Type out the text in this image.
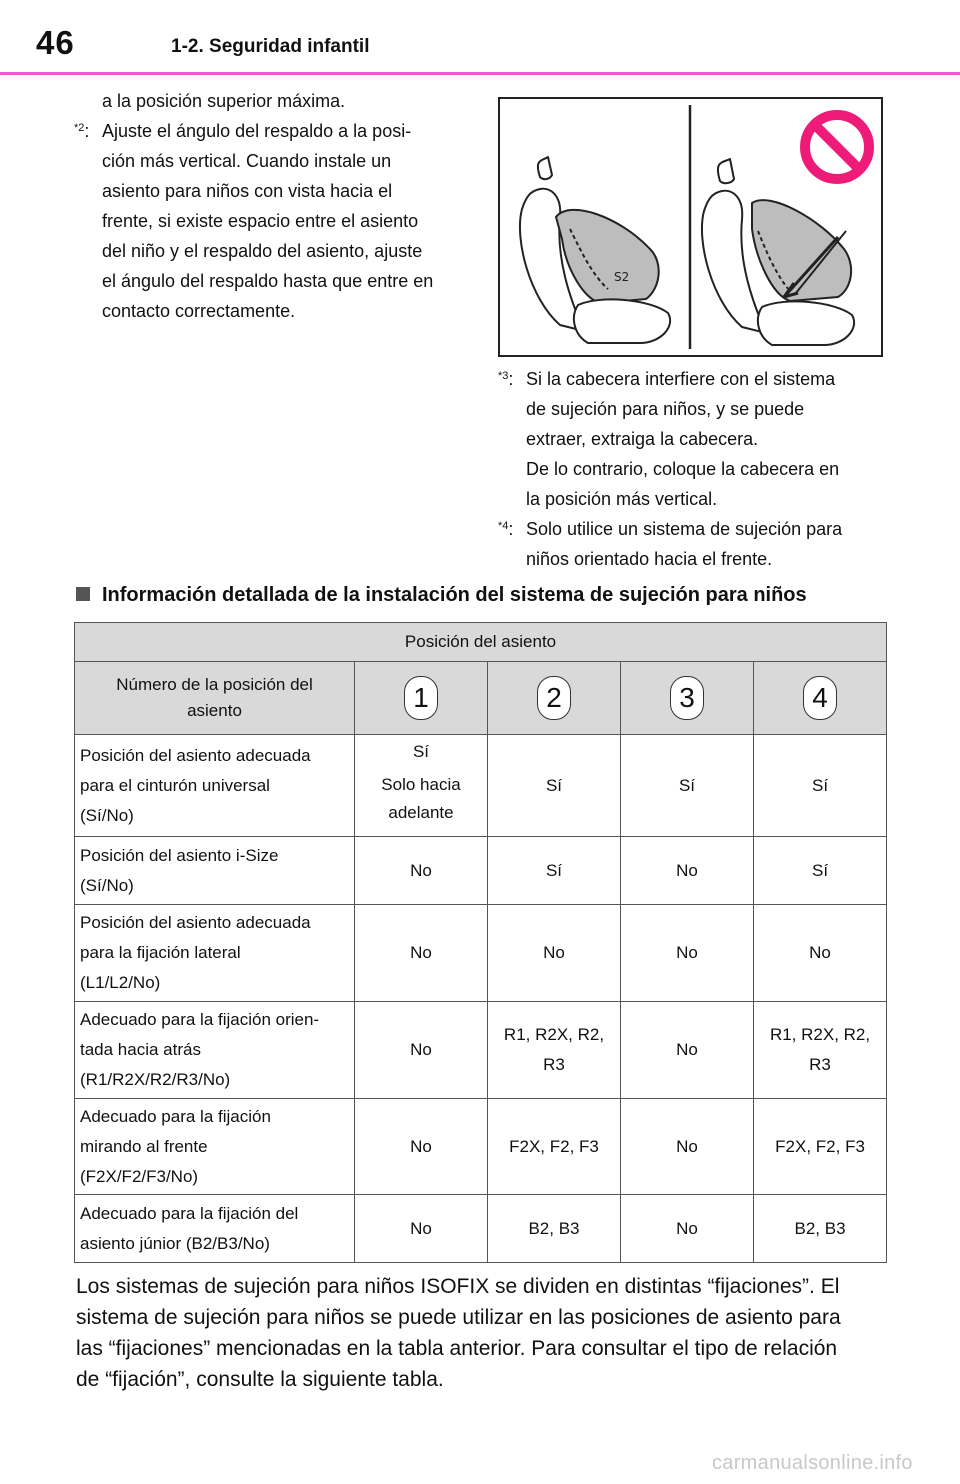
46	1-2. Seguridad infantil
a la posición superior máxima.
$^{*2}$: Ajuste el ángulo del respaldo a la posi-
ción más vertical. Cuando instale un
asiento para niños con vista hacia el
frente, si existe espacio entre el asiento
del niño y el respaldo del asiento, ajuste
el ángulo del respaldo hasta que entre en
contacto correctamente.
S2
$^{*3}$: Si la cabecera interfiere con el sistema
de sujeción para niños, y se puede
extraer, extraiga la cabecera.
De lo contrario, coloque la cabecera en
la posición más vertical.
$^{*4}$: Solo utilice un sistema de sujeción para
niños orientado hacia el frente.
Información detallada de la instalación del sistema de sujeción para niños
Posición del asiento				

Número de la posición del
asiento	1	2	3	4

Posición del asiento adecuada
para el cinturón universal
(Sí/No)	Sí
Solo hacia
adelante	Sí	Sí	Sí

Posición del asiento i-Size
(Sí/No)	No	Sí	No	Sí

Posición del asiento adecuada
para la fijación lateral
(L1/L2/No)	No	No	No	No

Adecuado para la fijación orien-
tada hacia atrás
(R1/R2X/R2/R3/No)	No	R1, R2X, R2,
R3	No	R1, R2X, R2,
R3

Adecuado para la fijación
mirando al frente
(F2X/F2/F3/No)	No	F2X, F2, F3	No	F2X, F2, F3

Adecuado para la fijación del
asiento júnior (B2/B3/No)	No	B2, B3	No	B2, B3
Los sistemas de sujeción para niños ISOFIX se dividen en distintas “fijaciones”. El
sistema de sujeción para niños se puede utilizar en las posiciones de asiento para
las “fijaciones” mencionadas en la tabla anterior. Para consultar el tipo de relación
de “fijación”, consulte la siguiente tabla.
carmanualsonline.info
